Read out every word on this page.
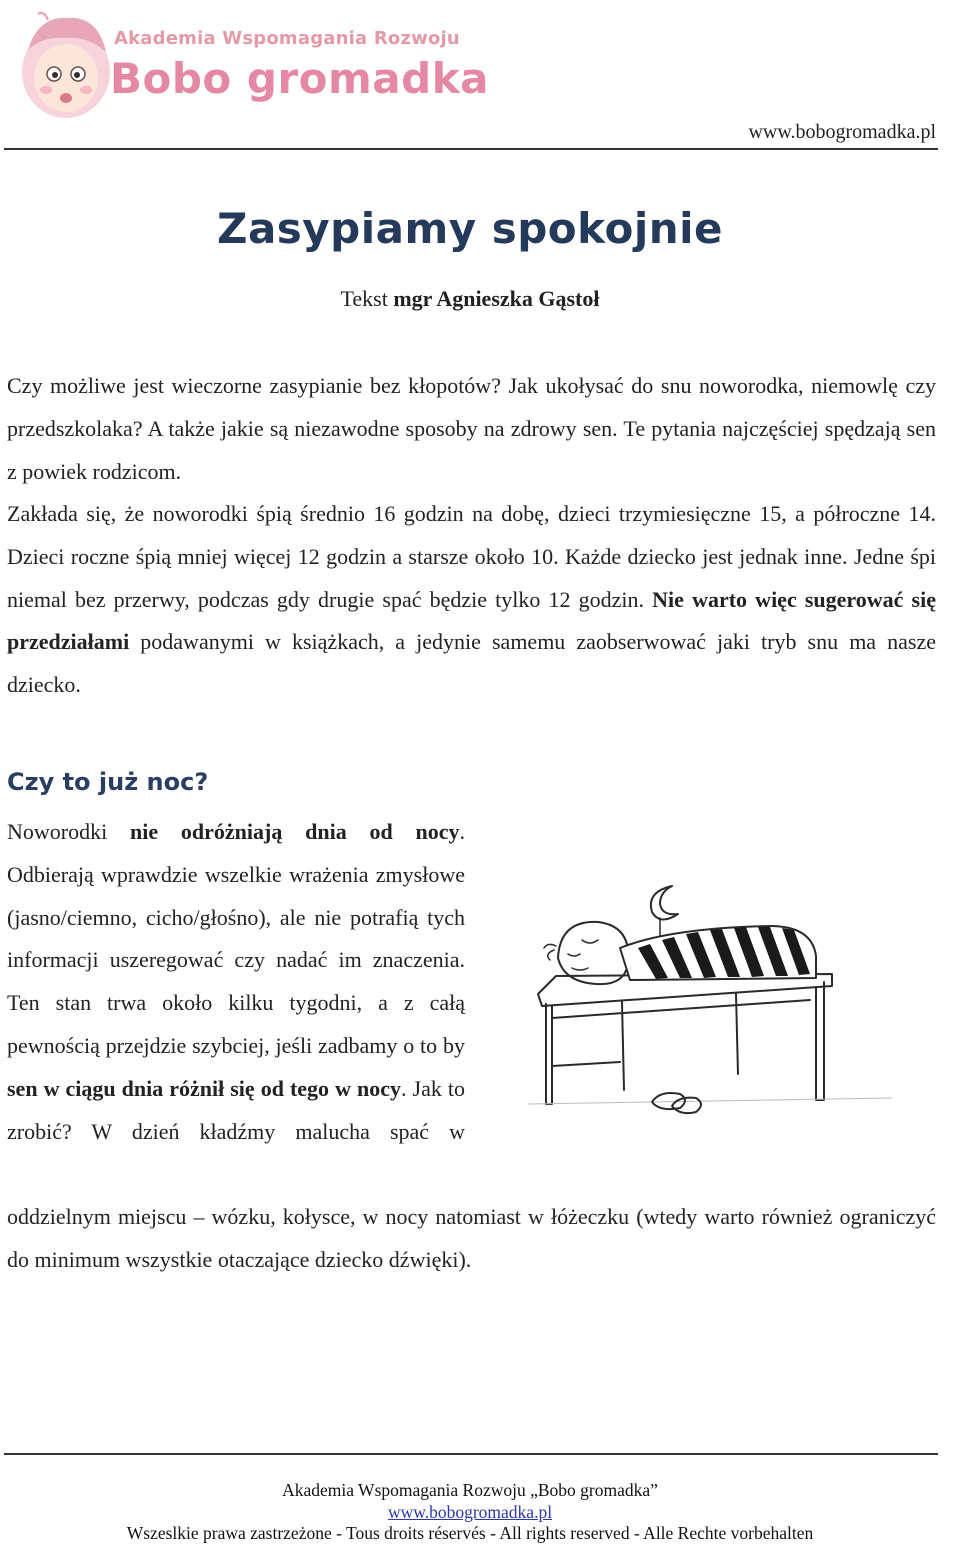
Akademia Wspomagania Rozwoju
Bobo gromadka
www.bobogromadka.pl
Zasypiamy spokojnie
Tekst mgr Agnieszka Gąstoł

Czy możliwe jest wieczorne zasypianie bez kłopotów? Jak ukołysać do snu noworodka, niemowlę czy przedszkolaka? A także jakie są niezawodne sposoby na zdrowy sen. Te pytania najczęściej spędzają sen z powiek rodzicom.

Zakłada się, że noworodki śpią średnio 16 godzin na dobę, dzieci trzymiesięczne 15, a półroczne 14. Dzieci roczne śpią mniej więcej 12 godzin a starsze około 10. Każde dziecko jest jednak inne. Jedne śpi niemal bez przerwy, podczas gdy drugie spać będzie tylko 12 godzin. Nie warto więc sugerować się przedziałami podawanymi w książkach, a jedynie samemu zaobserwować jaki tryb snu ma nasze dziecko.

Czy to już noc?

Noworodki nie odróżniają dnia od nocy. Odbierają wprawdzie wszelkie wrażenia zmysłowe (jasno/ciemno, cicho/głośno), ale nie potrafią tych informacji uszeregować czy nadać im znaczenia. Ten stan trwa około kilku tygodni, a z całą pewnością przejdzie szybciej, jeśli zadbamy o to by sen w ciągu dnia różnił się od tego w nocy. Jak to zrobić? W dzień kładźmy malucha spać w

oddzielnym miejscu – wózku, kołysce, w nocy natomiast w łóżeczku (wtedy warto również ograniczyć do minimum wszystkie otaczające dziecko dźwięki).

Akademia Wspomagania Rozwoju „Bobo gromadka”
www.bobogromadka.pl
Wszeslkie prawa zastrzeżone - Tous droits réservés - All rights reserved - Alle Rechte vorbehalten
